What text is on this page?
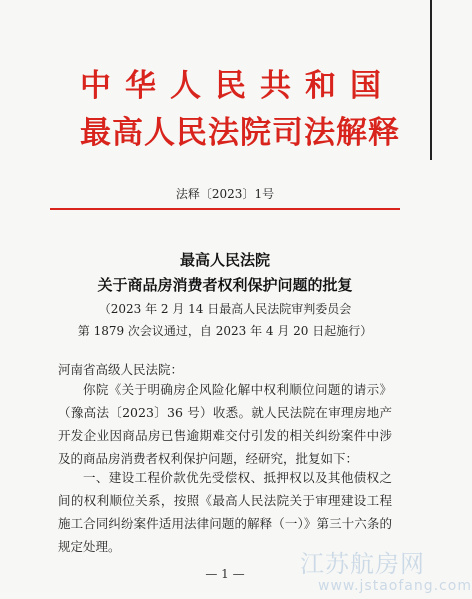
中华人民共和国
最高人民法院司法解释
法释〔2023〕1号
最高人民法院
关于商品房消费者权利保护问题的批复
（2023 年 2 月 14 日最高人民法院审判委员会
第 1879 次会议通过，自 2023 年 4 月 20 日起施行）
河南省高级人民法院：
你院《关于明确房企风险化解中权利顺位问题的请示》（豫高法〔2023〕36 号）收悉。就人民法院在审理房地产开发企业因商品房已售逾期难交付引发的相关纠纷案件中涉及的商品房消费者权利保护问题，经研究，批复如下：
一、建设工程价款优先受偿权、抵押权以及其他债权之间的权利顺位关系，按照《最高人民法院关于审理建设工程施工合同纠纷案件适用法律问题的解释（一）》第三十六条的规定处理。
— 1 —	江苏航房网
www.jstaofang.com
